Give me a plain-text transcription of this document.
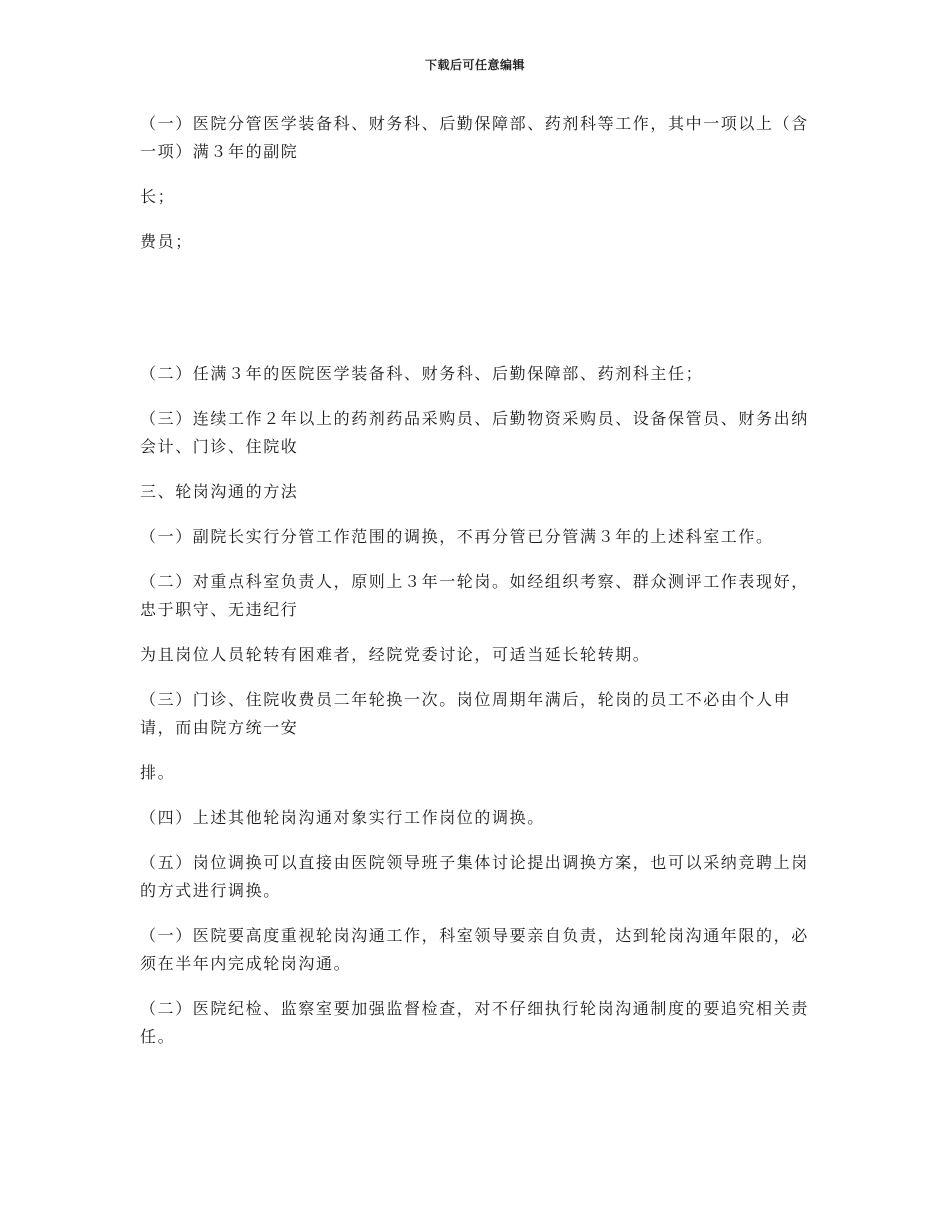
下载后可任意编辑

（一）医院分管医学装备科、财务科、后勤保障部、药剂科等工作，其中一项以上（含一项）满３年的副院

长；

费员；

（二）任满３年的医院医学装备科、财务科、后勤保障部、药剂科主任；

（三）连续工作２年以上的药剂药品采购员、后勤物资采购员、设备保管员、财务出纳会计、门诊、住院收

三、轮岗沟通的方法

（一）副院长实行分管工作范围的调换，不再分管已分管满３年的上述科室工作。

（二）对重点科室负责人，原则上３年一轮岗。如经组织考察、群众测评工作表现好，忠于职守、无违纪行

为且岗位人员轮转有困难者，经院党委讨论，可适当延长轮转期。

（三）门诊、住院收费员二年轮换一次。岗位周期年满后，轮岗的员工不必由个人申请，而由院方统一安

排。

（四）上述其他轮岗沟通对象实行工作岗位的调换。

（五）岗位调换可以直接由医院领导班子集体讨论提出调换方案，也可以采纳竞聘上岗的方式进行调换。

（一）医院要高度重视轮岗沟通工作，科室领导要亲自负责，达到轮岗沟通年限的，必须在半年内完成轮岗沟通。

（二）医院纪检、监察室要加强监督检查，对不仔细执行轮岗沟通制度的要追究相关责任。
